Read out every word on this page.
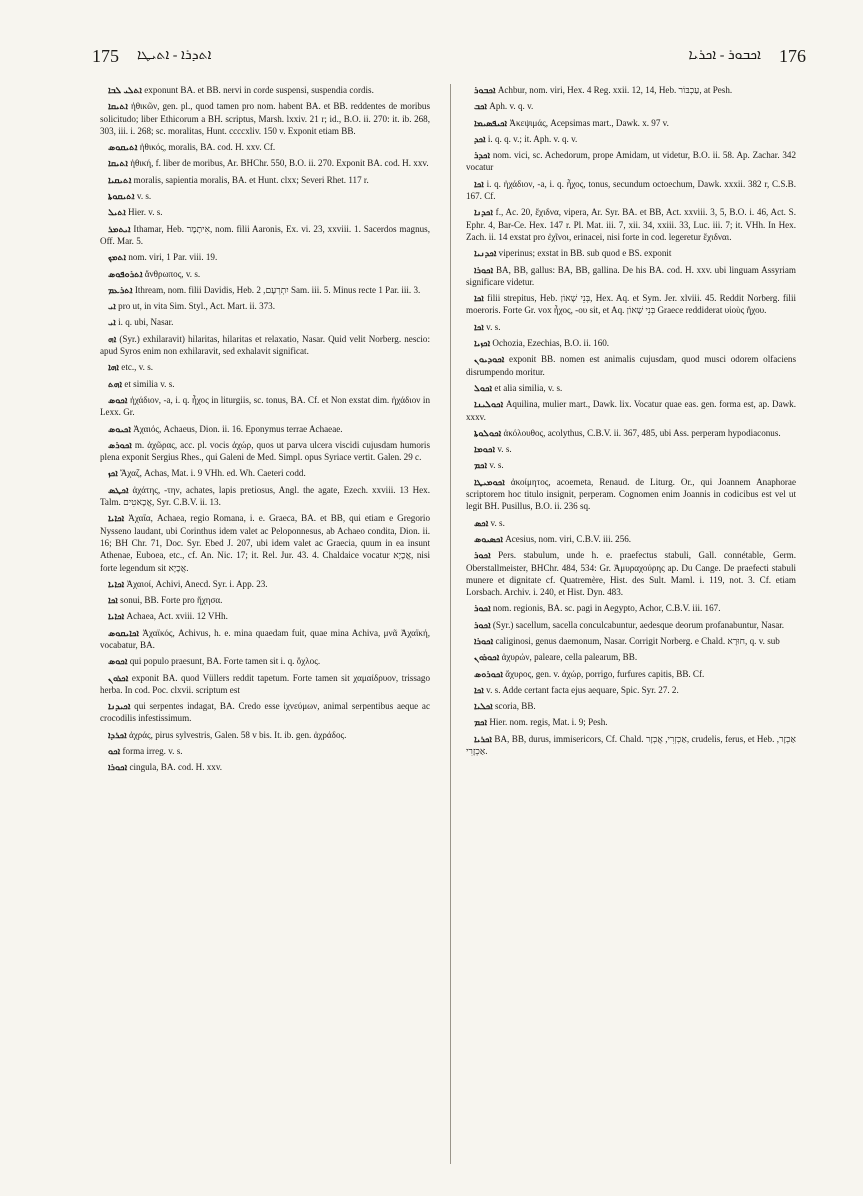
175 ܐܬܕܪܐ - ܐܬܝܛܐ	ܐܟܒܘܪ - ܐܟܪܝܐ 176

ܐܬܠܝ ܠܒܐ exponunt BA. et BB. nervi in corde suspensi, suspendia cordis.

ܐܬܝܩܐ ἠθικῶν, gen. pl., quod tamen pro nom. habent BA. et BB. reddentes de moribus solicitudo; liber Ethicorum a BH. scriptus, Marsh. lxxiv. 21 r; id., B.O. ii. 270: it. ib. 268, 303, iii. i. 268; sc. moralitas, Hunt. ccccxliv. 150 v. Exponit etiam BB.

ܐܬܝܩܘܣ ἠθικός, moralis, BA. cod. H. xxv. Cf.

ܐܬܝܩܐ ἠθική, f. liber de moribus, Ar. BHChr. 550, B.O. ii. 270. Exponit BA. cod. H. xxv.

ܐܬܝܩܝܐ moralis, sapientia moralis, BA. et Hunt. clxx; Severi Rhet. 117 r.

ܐܬܝܩܘܬܐ v. s.

ܐܬܝܠ Hier. v. s.

ܐܝܬܡܪ Ithamar, Heb. אִיתָמָר, nom. filii Aaronis, Ex. vi. 23, xxviii. 1. Sacerdos magnus, Off. Mar. 5.

ܐܬܡܟ nom. viri, 1 Par. viii. 19.

ܐܬܪܘܦܘܣ ἄνθρωπος, v. s.

ܐܬܪܥܡ Ithream, nom. filii Davidis, Heb. יִתְרְעָם, 2 Sam. iii. 5. Minus recte 1 Par. iii. 3.

ܐܝ pro ut, in vita Sim. Styl., Act. Mart. ii. 373.

ܐܝ i. q. ubi, Nasar.

ܐܗ (Syr.) exhilaravit) hilaritas, hilaritas et relaxatio, Nasar. Quid velit Norberg. nescio: apud Syros enim non exhilaravit, sed exhalavit significat.

ܐܗܐ etc., v. s.

ܐܗܬ et similia v. s.

ܐܟܘܣ ἠχάδιον, -a, i. q. ἦχος in liturgiis, sc. tonus, BA. Cf. et Non exstat dim. ἠχάδιον in Lexx. Gr.

ܐܟܝܘܣ Ἀχαιός, Achaeus, Dion. ii. 16. Eponymus terrae Achaeae.

ܐܟܘܪܣ m. ἀχῶρας, acc. pl. vocis ἀχώρ, quos ut parva ulcera viscidi cujusdam humoris plena exponit Sergius Rhes., qui Galeni de Med. Simpl. opus Syriace vertit. Galen. 29 c.

ܐܟܙ Ἄχαζ, Achas, Mat. i. 9 VHh. ed. Wh. Caeteri codd.

ܐܟܛܣ ἀχάτης, -την, achates, lapis pretiosus, Angl. the agate, Ezech. xxviii. 13 Hex. Talm. אֲכָאטִים, Syr. C.B.V. ii. 13.

ܐܟܐܝܐ Ἀχαΐα, Achaea, regio Romana, i. e. Graeca, BA. et BB, qui etiam e Gregorio Nysseno laudant, ubi Corinthus idem valet ac Peloponnesus, ab Achaeo condita, Dion. ii. 16; BH Chr. 71, Doc. Syr. Ebed J. 207, ubi idem valet ac Graecia, quum in ea insunt Athenae, Euboea, etc., cf. An. Nic. 17; it. Rel. Jur. 43. 4. Chaldaice vocatur אֲכָיָא, nisi forte legendum sit אֲכָיָא.

ܐܟܐܝܐ Ἀχαιοί, Achivi, Anecd. Syr. i. App. 23.

ܐܟܐ sonui, BB. Forte pro ἤχησα.

ܐܟܐܝܐ Achaea, Act. xviii. 12 VHh.

ܐܟܐܝܩܘܣ Ἀχαϊκός, Achivus, h. e. mina quaedam fuit, quae mina Achiva, μνᾶ Ἀχαϊκή, vocabatur, BA.

ܐܟܘܣ qui populo praesunt, BA. Forte tamen sit i. q. ὄχλος.

ܐܟܪܘܢ exponit BA. quod Vüllers reddit tapetum. Forte tamen sit χαμαίδρυον, trissago herba. In cod. Poc. clxvii. scriptum est

ܐܟܝܕܢܐ qui serpentes indagat, BA. Credo esse ἰχνεύμων, animal serpentibus aeque ac crocodilis infestissimum.

ܐܟܪܕܐ ἀχράς, pirus sylvestris, Galen. 58 v bis. It. ib. gen. ἀχράδος.

ܐܟܘ forma irreg. v. s.

ܐܟܘܪܐ cingula, BA. cod. H. xxv.

ܐܟܒܘܪ Achbur, nom. viri, Hex. 4 Reg. xxii. 12, 14, Heb. עַכְבּוֹר, at Pesh.

ܐܟܒ Aph. v. q. v.

ܐܟܝܦܣܝܡܐ Ἀκεψιμάς, Acepsimas mart., Dawk. x. 97 v.

ܐܟܕ i. q. q. v.; it. Aph. v. q. v.

ܐܟܕܪ nom. vici, sc. Achedorum, prope Amidam, ut videtur, B.O. ii. 58. Ap. Zachar. 342 vocatur

ܐܟܐ i. q. ἠχάδιον, -a, i. q. ἦχος, tonus, secundum octoechum, Dawk. xxxii. 382 r, C.S.B. 167. Cf.

ܐܟܕܢܐ f., Ac. 20, ἔχιδνα, vipera, Ar. Syr. BA. et BB, Act. xxviii. 3, 5, B.O. i. 46, Act. S. Ephr. 4, Bar-Ce. Hex. 147 r. Pl. Mat. iii. 7, xii. 34, xxiii. 33, Luc. iii. 7; it. VHh. In Hex. Zach. ii. 14 exstat pro ἐχῖνοι, erinacei, nisi forte in cod. legeretur ἔχιδναι.

ܐܟܕܢܝܐ viperinus; exstat in BB. sub quod e BS. exponit

ܐܟܘܪܐ BA, BB, gallus: BA, BB, gallina. De his BA. cod. H. xxv. ubi linguam Assyriam significare videtur.

ܐܟܐ filii strepitus, Heb. בְּנֵי שָׁאוֹן, Hex. Aq. et Sym. Jer. xlviii. 45. Reddit Norberg. filii moeroris. Forte Gr. vox ἦχος, -ου sit, et Aq. בְּנֵי שָׁאוֹן Graece reddiderat υἱοὺς ἤχου.

ܐܟܐ v. s.

ܐܟܙܝܐ Ochozia, Ezechias, B.O. ii. 160.

ܐܟܘܕܝܘܢ exponit BB. nomen est animalis cujusdam, quod musci odorem olfaciens disrumpendo moritur.

ܐܟܘܠ et alia similia, v. s.

ܐܟܘܠܝܢܐ Aquilina, mulier mart., Dawk. lix. Vocatur quae eas. gen. forma est, ap. Dawk. xxxv.

ܐܟܘܠܘܬܐ ἀκόλουθος, acolythus, C.B.V. ii. 367, 485, ubi Ass. perperam hypodiaconus.

ܐܟܘܡܐ v. s.

ܐܟܡ v. s.

ܐܟܘܡܝܛܐ ἀκοίμητος, acoemeta, Renaud. de Liturg. Or., qui Joannem Anaphorae scriptorem hoc titulo insignit, perperam. Cognomen enim Joannis in codicibus est vel ut legit BH. Pusillus, B.O. ii. 236 sq.

ܐܟܣ v. s.

ܐܟܣܝܘܣ Acesius, nom. viri, C.B.V. iii. 256.

ܐܟܘܪ Pers. stabulum, unde h. e. praefectus stabuli, Gall. connétable, Germ. Oberstallmeister, BHChr. 484, 534: Gr. Ἀμυραχούρης ap. Du Cange. De praefecti stabuli munere et dignitate cf. Quatremère, Hist. des Sult. Maml. i. 119, not. 3. Cf. etiam Lorsbach. Archiv. i. 240, et Hist. Dyn. 483.

ܐܟܘܪ nom. regionis, BA. sc. pagi in Aegypto, Achor, C.B.V. iii. 167.

ܐܟܘܪ (Syr.) sacellum, sacella conculcabuntur, aedesque deorum profanabuntur, Nasar.

ܐܟܘܪܐ caliginosi, genus daemonum, Nasar. Corrigit Norberg. e Chald. חוּרָא, q. v. sub

ܐܟܘܪܘܢ ἀχυρών, paleare, cella palearum, BB.

ܐܟܘܪܘܣ ἄχυρος, gen. v. ἀχώρ, porrigo, furfures capitis, BB. Cf.

ܐܟܐ v. s. Adde certant facta ejus aequare, Spic. Syr. 27. 2.

ܐܟܠܝܐ scoria, BB.

ܐܟܡ Hier. nom. regis, Mat. i. 9; Pesh.

ܐܟܪܝܐ BA, BB, durus, immisericors, Cf. Chald. אַכְזְרִי, אֲכְזָר, crudelis, ferus, et Heb. אַכְזָר, אַכְזָרִי.
